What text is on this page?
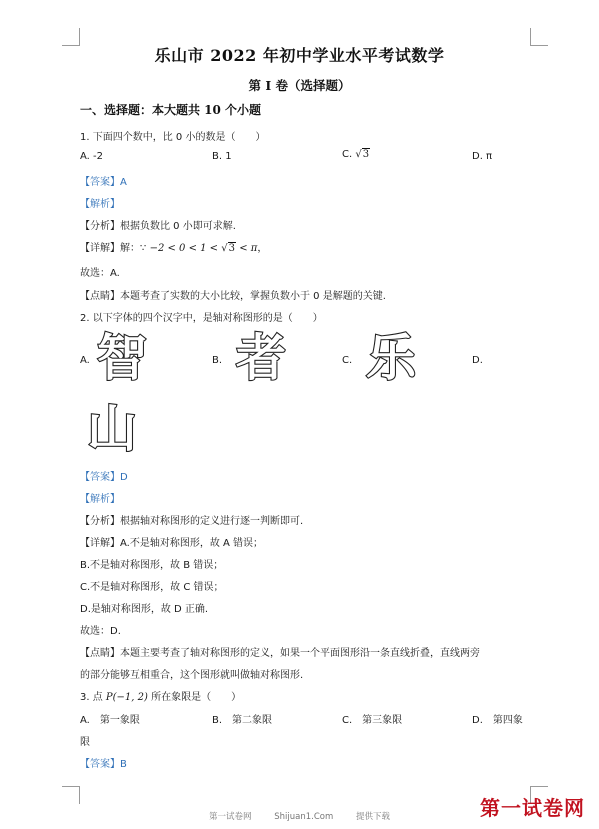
乐山市 2022 年初中学业水平考试数学
第 I 卷（选择题）
一、选择题：本大题共 10 个小题
1. 下面四个数中，比 0 小的数是（　　）
A. -2	B. 1	C. √3	D. π
【答案】A
【解析】
【分析】根据负数比 0 小即可求解.
【详解】解：∵ −2 < 0 < 1 < √3 < π，
故选：A.
【点睛】本题考查了实数的大小比较，掌握负数小于 0 是解题的关键.
2. 以下字体的四个汉字中，是轴对称图形的是（　　）
A.	B.	C.	D.
智 者 乐
山
【答案】D
【解析】
【分析】根据轴对称图形的定义进行逐一判断即可.
【详解】A.不是轴对称图形，故 A 错误；
B.不是轴对称图形，故 B 错误；
C.不是轴对称图形，故 C 错误；
D.是轴对称图形，故 D 正确.
故选：D.
【点睛】本题主要考查了轴对称图形的定义，如果一个平面图形沿一条直线折叠，直线两旁
的部分能够互相重合，这个图形就叫做轴对称图形.
3. 点 P(−1, 2) 所在象限是（　　）
A.　第一象限	B.　第二象限	C.　第三象限	D.　第四象
限
【答案】B
第一试卷网	Shijuan1.Com	提供下载	第一试卷网
